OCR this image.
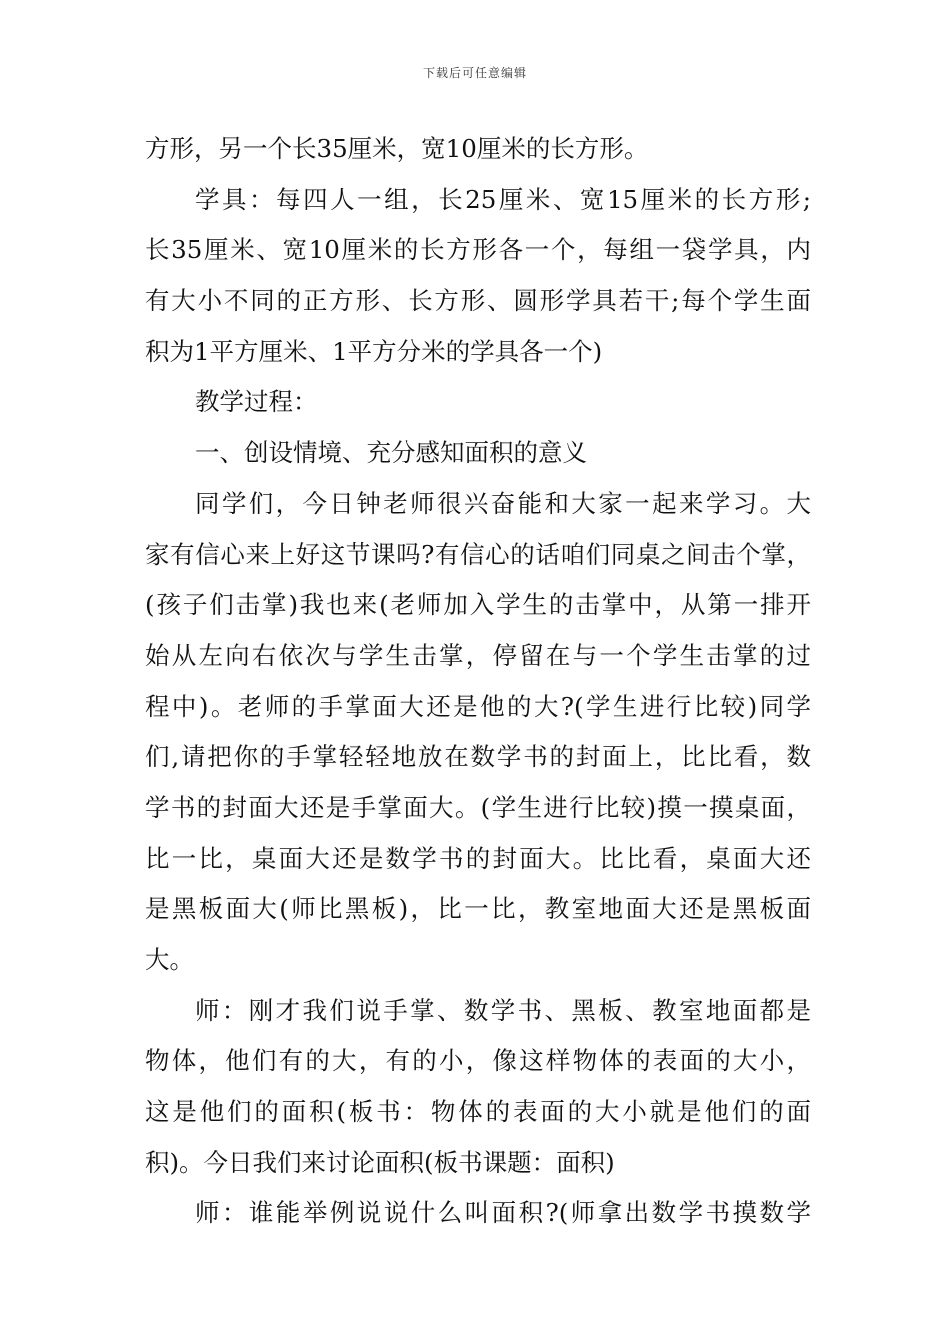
下载后可任意编辑
方形，另一个长35厘米，宽10厘米的长方形。
学具：每四人一组，长25厘米、宽15厘米的长方形;
长35厘米、宽10厘米的长方形各一个，每组一袋学具，内
有大小不同的正方形、长方形、圆形学具若干;每个学生面
积为1平方厘米、1平方分米的学具各一个)
教学过程：
一、创设情境、充分感知面积的意义
同学们，今日钟老师很兴奋能和大家一起来学习。大
家有信心来上好这节课吗?有信心的话咱们同桌之间击个掌，
(孩子们击掌)我也来(老师加入学生的击掌中，从第一排开
始从左向右依次与学生击掌，停留在与一个学生击掌的过
程中)。老师的手掌面大还是他的大?(学生进行比较)同学
们,请把你的手掌轻轻地放在数学书的封面上，比比看，数
学书的封面大还是手掌面大。(学生进行比较)摸一摸桌面，
比一比，桌面大还是数学书的封面大。比比看，桌面大还
是黑板面大(师比黑板)，比一比，教室地面大还是黑板面
大。
师：刚才我们说手掌、数学书、黑板、教室地面都是
物体，他们有的大，有的小，像这样物体的表面的大小，
这是他们的面积(板书：物体的表面的大小就是他们的面
积)。今日我们来讨论面积(板书课题：面积)
师：谁能举例说说什么叫面积?(师拿出数学书摸数学
